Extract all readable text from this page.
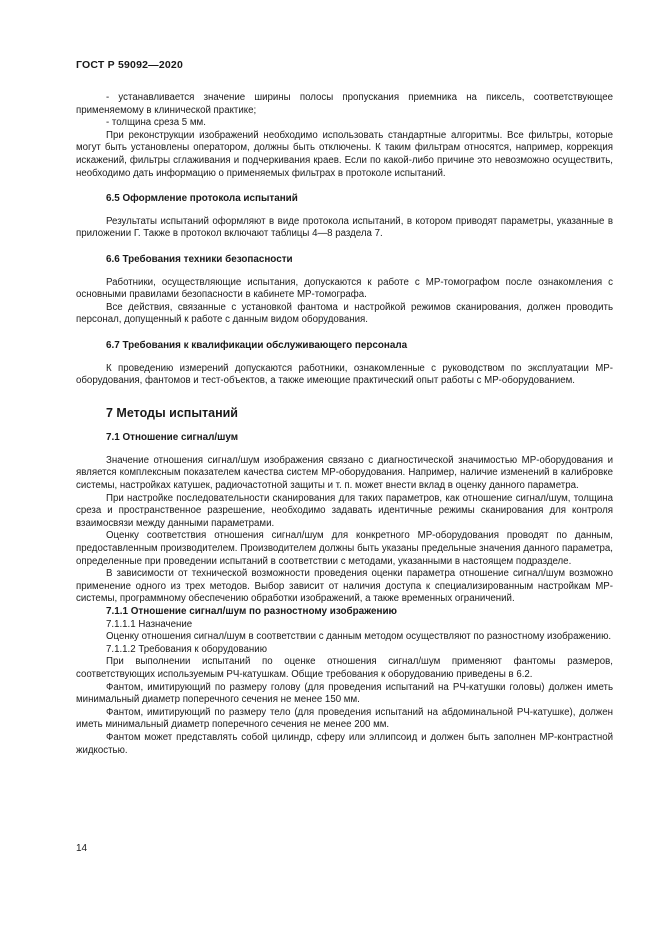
ГОСТ Р 59092—2020

- устанавливается значение ширины полосы пропускания приемника на пиксель, соответствующее применяемому в клинической практике;

- толщина среза 5 мм.

При реконструкции изображений необходимо использовать стандартные алгоритмы. Все фильтры, которые могут быть установлены оператором, должны быть отключены. К таким фильтрам относятся, например, коррекция искажений, фильтры сглаживания и подчеркивания краев. Если по какой-либо причине это невозможно осуществить, необходимо дать информацию о применяемых фильтрах в протоколе испытаний.

6.5 Оформление протокола испытаний

Результаты испытаний оформляют в виде протокола испытаний, в котором приводят параметры, указанные в приложении Г. Также в протокол включают таблицы 4—8 раздела 7.

6.6 Требования техники безопасности

Работники, осуществляющие испытания, допускаются к работе с МР-томографом после ознакомления с основными правилами безопасности в кабинете МР-томографа.

Все действия, связанные с установкой фантома и настройкой режимов сканирования, должен проводить персонал, допущенный к работе с данным видом оборудования.

6.7 Требования к квалификации обслуживающего персонала

К проведению измерений допускаются работники, ознакомленные с руководством по эксплуатации МР-оборудования, фантомов и тест-объектов, а также имеющие практический опыт работы с МР-оборудованием.

7 Методы испытаний
7.1 Отношение сигнал/шум

Значение отношения сигнал/шум изображения связано с диагностической значимостью МР-оборудования и является комплексным показателем качества систем МР-оборудования. Например, наличие изменений в калибровке системы, настройках катушек, радиочастотной защиты и т. п. может внести вклад в оценку данного параметра.

При настройке последовательности сканирования для таких параметров, как отношение сигнал/шум, толщина среза и пространственное разрешение, необходимо задавать идентичные режимы сканирования для контроля взаимосвязи между данными параметрами.

Оценку соответствия отношения сигнал/шум для конкретного МР-оборудования проводят по данным, предоставленным производителем. Производителем должны быть указаны предельные значения данного параметра, определенные при проведении испытаний в соответствии с методами, указанными в настоящем подразделе.

В зависимости от технической возможности проведения оценки параметра отношение сигнал/шум возможно применение одного из трех методов. Выбор зависит от наличия доступа к специализированным настройкам МР-системы, программному обеспечению обработки изображений, а также временных ограничений.

7.1.1 Отношение сигнал/шум по разностному изображению
7.1.1.1 Назначение

Оценку отношения сигнал/шум в соответствии с данным методом осуществляют по разностному изображению.

7.1.1.2 Требования к оборудованию

При выполнении испытаний по оценке отношения сигнал/шум применяют фантомы размеров, соответствующих используемым РЧ-катушкам. Общие требования к оборудованию приведены в 6.2.

Фантом, имитирующий по размеру голову (для проведения испытаний на РЧ-катушки головы) должен иметь минимальный диаметр поперечного сечения не менее 150 мм.

Фантом, имитирующий по размеру тело (для проведения испытаний на абдоминальной РЧ-катушке), должен иметь минимальный диаметр поперечного сечения не менее 200 мм.

Фантом может представлять собой цилиндр, сферу или эллипсоид и должен быть заполнен МР-контрастной жидкостью.

14
